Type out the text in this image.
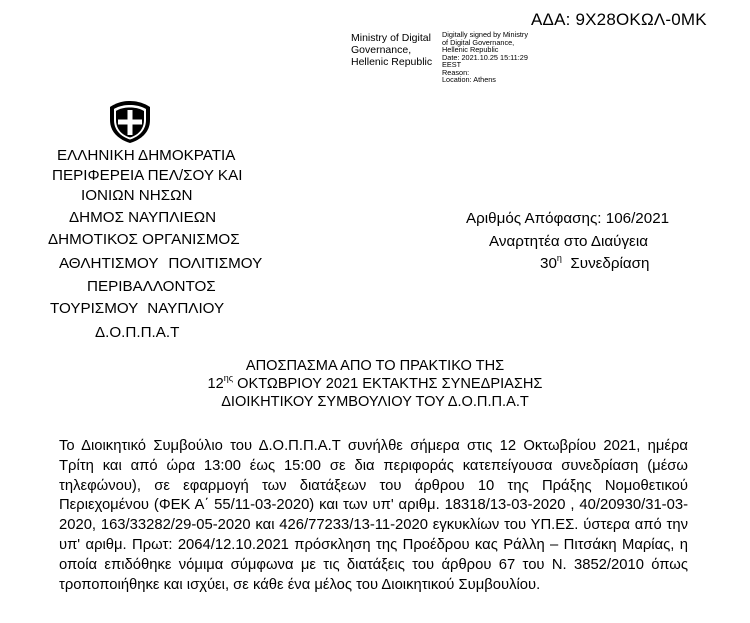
ΑΔΑ: 9Χ28ΟΚΩΛ-0ΜΚ
Ministry of Digital
Governance,
Hellenic Republic
Digitally signed by Ministry
of Digital Governance,
Hellenic Republic
Date: 2021.10.25 15:11:29
EEST
Reason:
Location: Athens
ΕΛΛΗΝΙΚΗ ΔΗΜΟΚΡΑΤΙΑ
ΠΕΡΙΦΕΡΕΙΑ ΠΕΛ/ΣΟΥ ΚΑΙ
ΙΟΝΙΩΝ ΝΗΣΩΝ
ΔΗΜΟΣ ΝΑΥΠΛΙΕΩΝ
ΔΗΜΟΤΙΚΟΣ ΟΡΓΑΝΙΣΜΟΣ
ΑΘΛΗΤΙΣΜΟΥ ΠΟΛΙΤΙΣΜΟΥ
ΠΕΡΙΒΑΛΛΟΝΤΟΣ
ΤΟΥΡΙΣΜΟΥ ΝΑΥΠΛΙΟΥ
Δ.Ο.Π.Π.Α.Τ
Αριθμός Απόφασης: 106/2021
Αναρτητέα στο Διαύγεια
$30^\eta$ Συνεδρίαση
ΑΠΟΣΠΑΣΜΑ ΑΠΟ ΤΟ ΠΡΑΚΤΙΚΟ ΤΗΣ
$12^{\eta\varsigma}$ ΟΚΤΩΒΡΙΟΥ 2021 ΕΚΤΑΚΤΗΣ ΣΥΝΕΔΡΙΑΣΗΣ
ΔΙΟΙΚΗΤΙΚΟΥ ΣΥΜΒΟΥΛΙΟΥ ΤΟΥ Δ.Ο.Π.Π.Α.Τ
Το Διοικητικό Συμβούλιο του Δ.Ο.Π.Π.Α.Τ συνήλθε σήμερα στις 12 Οκτωβρίου 2021, ημέρα Τρίτη και από ώρα 13:00 έως 15:00 σε δια περιφοράς κατεπείγουσα συνεδρίαση (μέσω τηλεφώνου), σε εφαρμογή των διατάξεων του άρθρου 10 της Πράξης Νομοθετικού Περιεχομένου (ΦΕΚ Α΄ 55/11-03-2020) και των υπ' αριθμ. 18318/13-03-2020 , 40/20930/31-03-2020, 163/33282/29-05-2020 και 426/77233/13-11-2020 εγκυκλίων του ΥΠ.ΕΣ. ύστερα από την υπ' αριθμ. Πρωτ: 2064/12.10.2021 πρόσκληση της Προέδρου κας Ράλλη – Πιτσάκη Μαρίας, η οποία επιδόθηκε νόμιμα σύμφωνα με τις διατάξεις του άρθρου 67 του Ν. 3852/2010 όπως τροποποιήθηκε και ισχύει, σε κάθε ένα μέλος του Διοικητικού Συμβουλίου.
